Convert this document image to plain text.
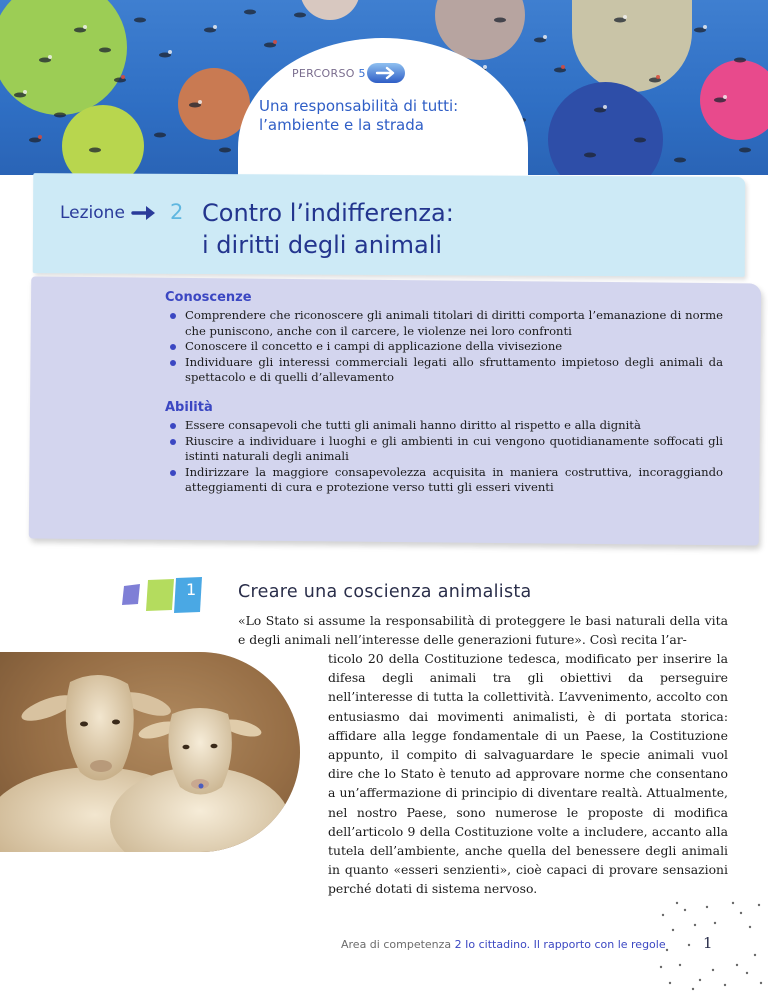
PERCORSO 5
Una responsabilità di tutti:
l’ambiente e la strada
Lezione 2 Contro l’indifferenza:
i diritti degli animali
Conoscenze
Comprendere che riconoscere gli animali titolari di diritti comporta l’emanazione di norme che puniscono, anche con il carcere, le violenze nei loro confronti
Conoscere il concetto e i campi di applicazione della vivisezione
Individuare gli interessi commerciali legati allo sfruttamento impietoso degli animali da spettacolo e di quelli d’allevamento
Abilità
Essere consapevoli che tutti gli animali hanno diritto al rispetto e alla dignità
Riuscire a individuare i luoghi e gli ambienti in cui vengono quotidianamente soffocati gli istinti naturali degli animali
Indirizzare la maggiore consapevolezza acquisita in maniera costruttiva, incoraggiando atteggiamenti di cura e protezione verso tutti gli esseri viventi
1 Creare una coscienza animalista

«Lo Stato si assume la responsabilità di proteggere le basi naturali della vita e degli animali nell’interesse delle generazioni future». Così recita l’ar-

ticolo 20 della Costituzione tedesca, modificato per inserire la difesa degli animali tra gli obiettivi da perseguire nell’interesse di tutta la collettività. L’avvenimento, accolto con entusiasmo dai movimenti animalisti, è di portata storica: affidare alla legge fondamentale di un Paese, la Costituzione appunto, il compito di salvaguardare le specie animali vuol dire che lo Stato è tenuto ad approvare norme che consentano a un’affermazione di principio di diventare realtà. Attualmente, nel nostro Paese, sono numerose le proposte di modifica dell’articolo 9 della Costituzione volte a includere, accanto alla tutela dell’ambiente, anche quella del benessere degli animali in quanto «esseri senzienti», cioè capaci di provare sensazioni perché dotati di sistema nervoso.

Area di competenza 2 Io cittadino. Il rapporto con le regole 1
